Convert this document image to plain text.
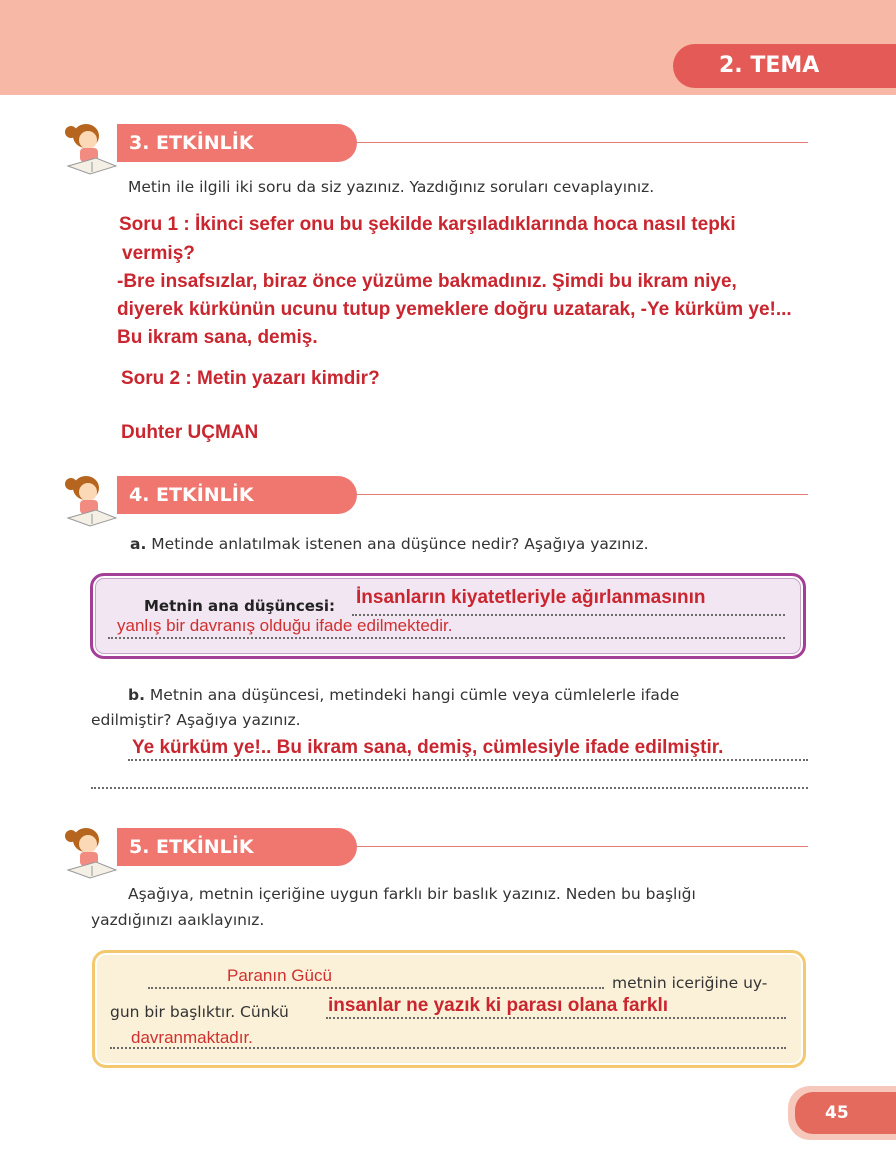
2. TEMA
3. ETKİNLİK
Metin ile ilgili iki soru da siz yazınız. Yazdığınız soruları cevaplayınız.
Soru 1 : İkinci sefer onu bu şekilde karşıladıklarında hoca nasıl tepki
vermiş?
-Bre insafsızlar, biraz önce yüzüme bakmadınız. Şimdi bu ikram niye,
diyerek kürkünün ucunu tutup yemeklere doğru uzatarak, -Ye kürküm ye!...
Bu ikram sana, demiş.
Soru 2 : Metin yazarı kimdir?
Duhter UÇMAN
4. ETKİNLİK
a. Metinde anlatılmak istenen ana düşünce nedir? Aşağıya yazınız.
Metnin ana düşüncesi: İnsanların kiyatetleriyle ağırlanmasının
yanlış bir davranış olduğu ifade edilmektedir.
b. Metnin ana düşüncesi, metindeki hangi cümle veya cümlelerle ifade
edilmiştir? Aşağıya yazınız.
Ye kürküm ye!.. Bu ikram sana, demiş, cümlesiyle ifade edilmiştir.
5. ETKİNLİK
Aşağıya, metnin içeriğine uygun farklı bir baslık yazınız. Neden bu başlığı
yazdığınızı aaıklayınız.
metnin iceriğine uy-
gun bir başlıktır. Cünkü
Paranın Gücü
insanlar ne yazık ki parası olana farklı
davranmaktadır.
45
